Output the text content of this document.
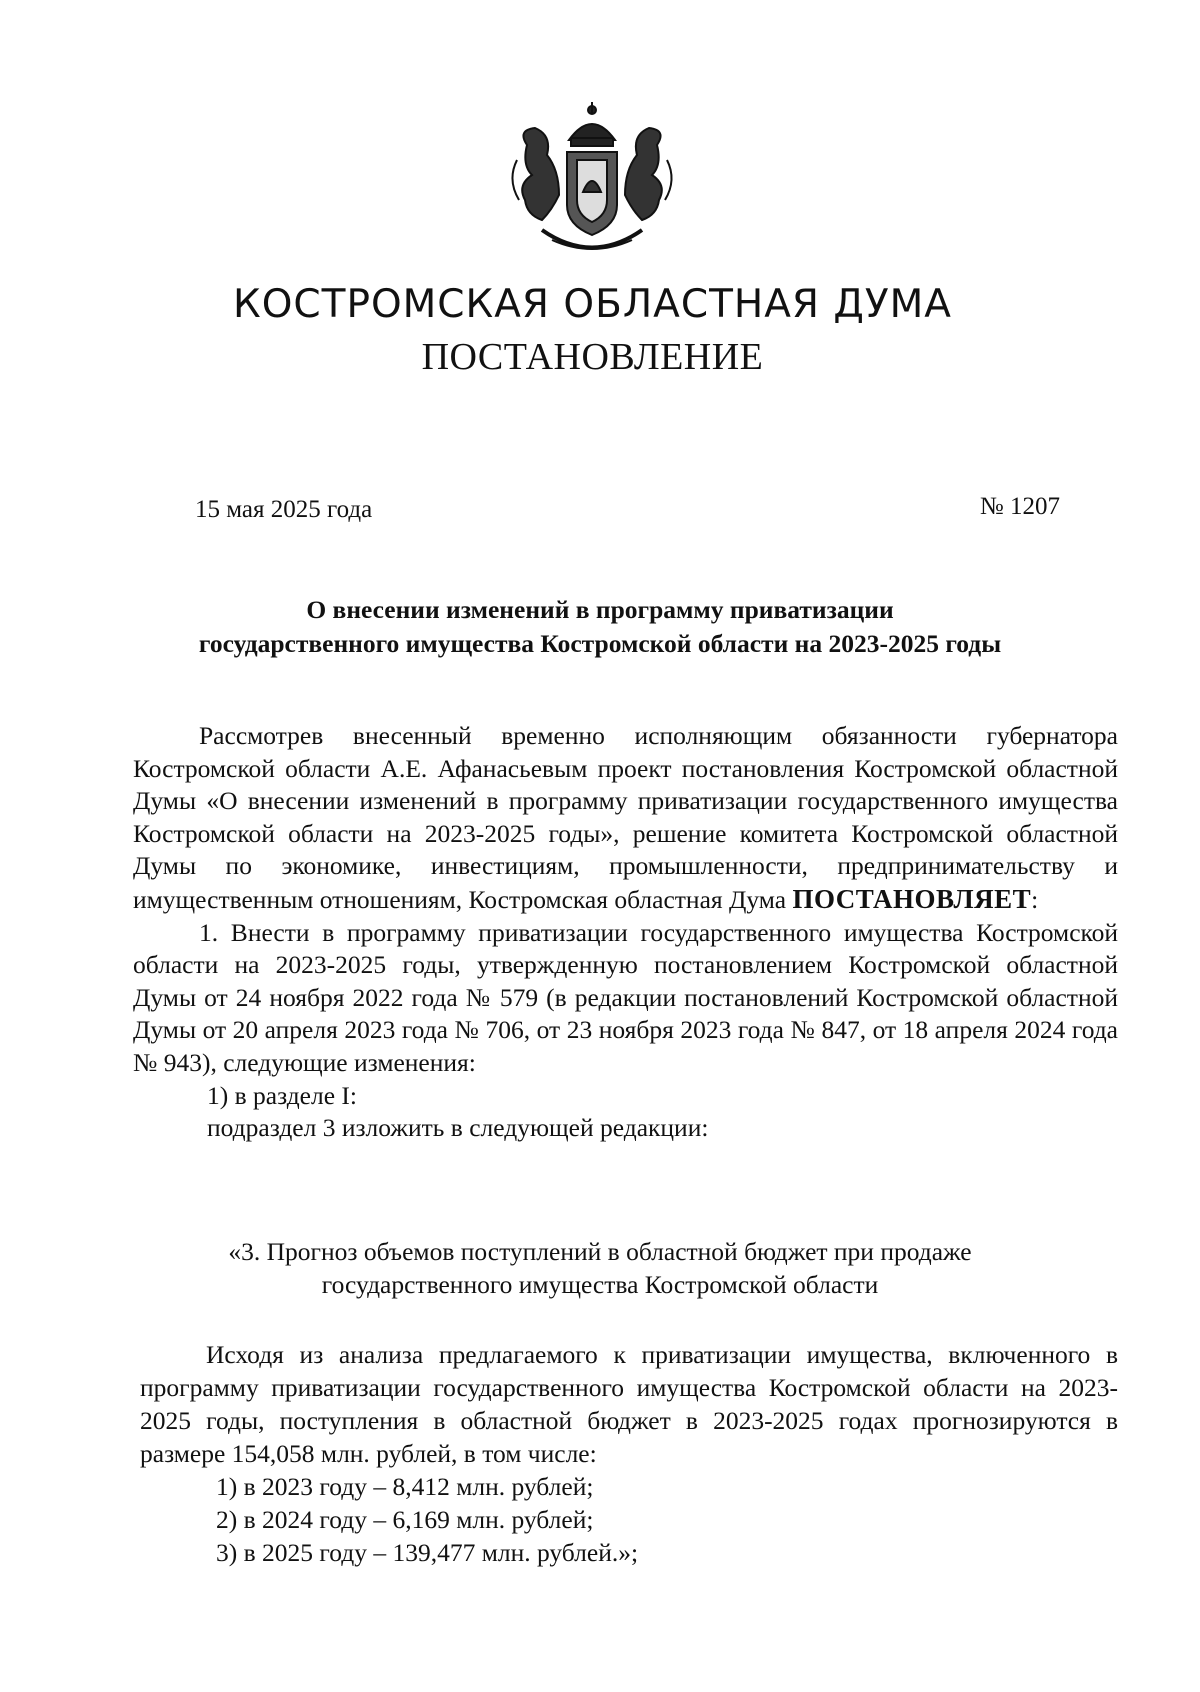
КОСТРОМСКАЯ ОБЛАСТНАЯ ДУМА
ПОСТАНОВЛЕНИЕ
15 мая 2025 года	№ 1207
О внесении изменений в программу приватизации
государственного имущества Костромской области на 2023-2025 годы

Рассмотрев внесенный временно исполняющим обязанности губернатора Костромской области А.Е. Афанасьевым проект постановления Костромской областной Думы «О внесении изменений в программу приватизации государственного имущества Костромской области на 2023-2025 годы», решение комитета Костромской областной Думы по экономике, инвестициям, промышленности, предпринимательству и имущественным отношениям, Костромская областная Дума ПОСТАНОВЛЯЕТ:

1. Внести в программу приватизации государственного имущества Костромской области на 2023-2025 годы, утвержденную постановлением Костромской областной Думы от 24 ноября 2022 года № 579 (в редакции постановлений Костромской областной Думы от 20 апреля 2023 года № 706, от 23 ноября 2023 года № 847, от 18 апреля 2024 года № 943), следующие изменения:

1) в разделе I:
подраздел 3 изложить в следующей редакции:
«3. Прогноз объемов поступлений в областной бюджет при продаже
государственного имущества Костромской области

Исходя из анализа предлагаемого к приватизации имущества, включенного в программу приватизации государственного имущества Костромской области на 2023-2025 годы, поступления в областной бюджет в 2023-2025 годах прогнозируются в размере 154,058 млн. рублей, в том числе:

1) в 2023 году – 8,412 млн. рублей;
2) в 2024 году – 6,169 млн. рублей;
3) в 2025 году – 139,477 млн. рублей.»;
